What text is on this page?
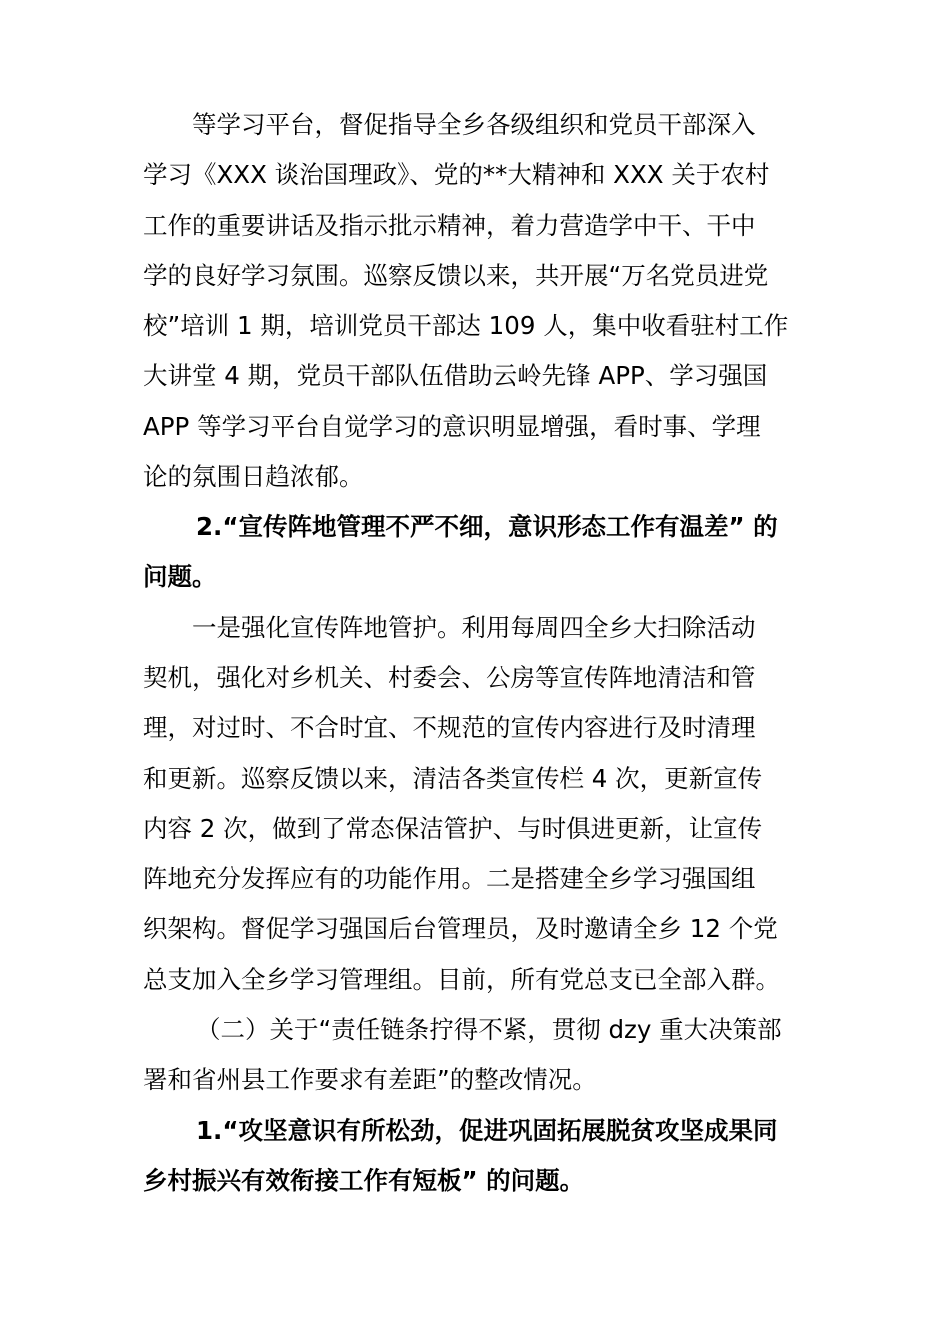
等学习平台，督促指导全乡各级组织和党员干部深入
学习《XXX 谈治国理政》、党的**大精神和 XXX 关于农村
工作的重要讲话及指示批示精神，着力营造学中干、干中
学的良好学习氛围。巡察反馈以来，共开展“万名党员进党
校”培训 1 期，培训党员干部达 109 人，集中收看驻村工作
大讲堂 4 期，党员干部队伍借助云岭先锋 APP、学习强国
APP 等学习平台自觉学习的意识明显增强，看时事、学理
论的氛围日趋浓郁。
2.“宣传阵地管理不严不细，意识形态工作有温差” 的
问题。
一是强化宣传阵地管护。利用每周四全乡大扫除活动
契机，强化对乡机关、村委会、公房等宣传阵地清洁和管
理，对过时、不合时宜、不规范的宣传内容进行及时清理
和更新。巡察反馈以来，清洁各类宣传栏 4 次，更新宣传
内容 2 次，做到了常态保洁管护、与时俱进更新，让宣传
阵地充分发挥应有的功能作用。二是搭建全乡学习强国组
织架构。督促学习强国后台管理员，及时邀请全乡 12 个党
总支加入全乡学习管理组。目前，所有党总支已全部入群。
（二）关于“责任链条拧得不紧，贯彻 dzy 重大决策部
署和省州县工作要求有差距”的整改情况。
1.“攻坚意识有所松劲，促进巩固拓展脱贫攻坚成果同
乡村振兴有效衔接工作有短板” 的问题。
